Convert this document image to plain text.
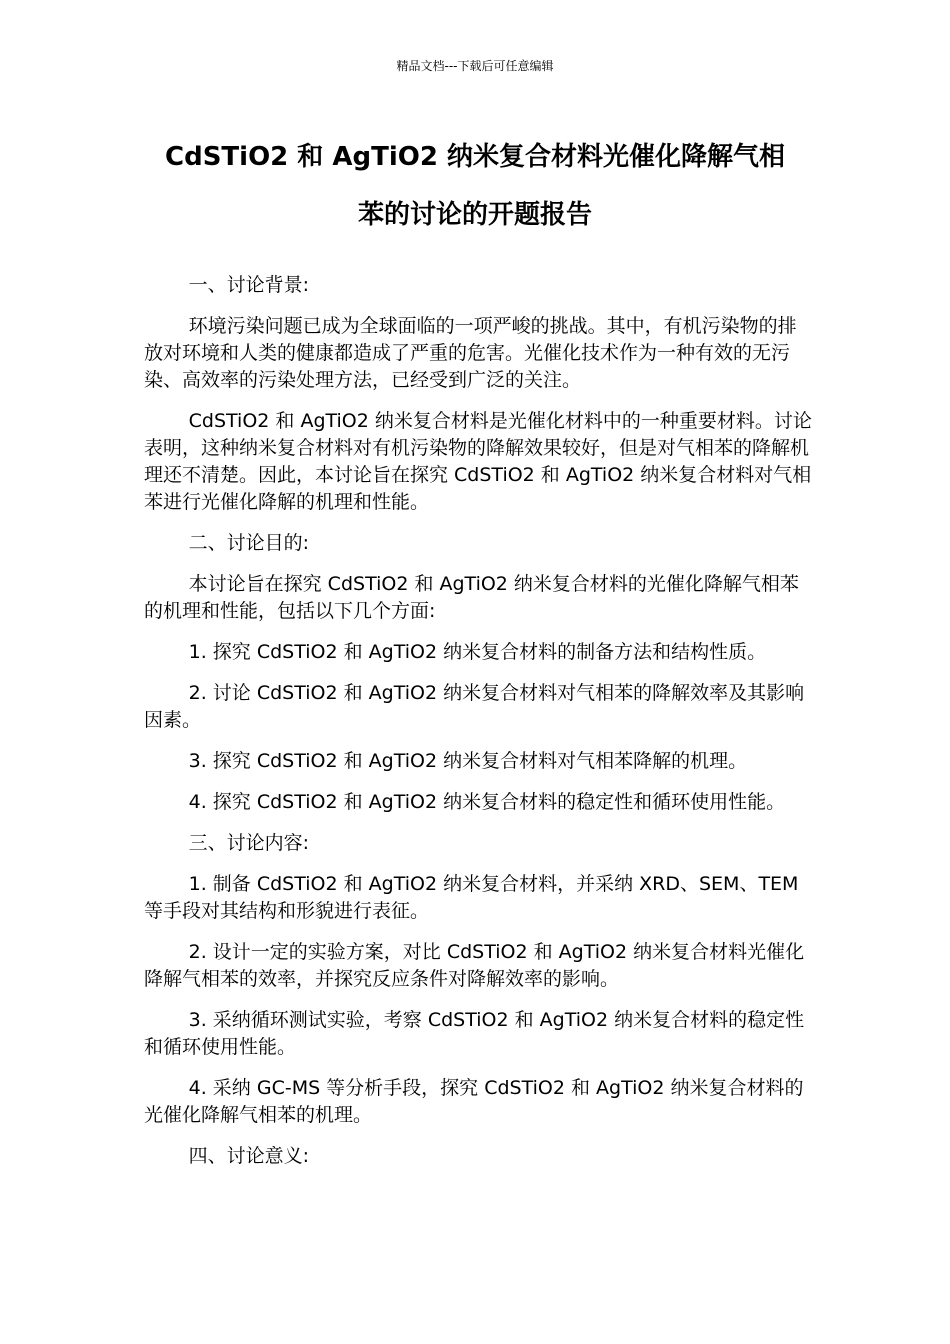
精品文档---下载后可任意编辑
CdSTiO2 和 AgTiO2 纳米复合材料光催化降解气相
苯的讨论的开题报告

一、讨论背景:

环境污染问题已成为全球面临的一项严峻的挑战。其中，有机污染物的排放对环境和人类的健康都造成了严重的危害。光催化技术作为一种有效的无污染、高效率的污染处理方法，已经受到广泛的关注。

CdSTiO2 和 AgTiO2 纳米复合材料是光催化材料中的一种重要材料。讨论表明，这种纳米复合材料对有机污染物的降解效果较好，但是对气相苯的降解机理还不清楚。因此，本讨论旨在探究 CdSTiO2 和 AgTiO2 纳米复合材料对气相苯进行光催化降解的机理和性能。

二、讨论目的:

本讨论旨在探究 CdSTiO2 和 AgTiO2 纳米复合材料的光催化降解气相苯的机理和性能，包括以下几个方面:

1. 探究 CdSTiO2 和 AgTiO2 纳米复合材料的制备方法和结构性质。

2. 讨论 CdSTiO2 和 AgTiO2 纳米复合材料对气相苯的降解效率及其影响因素。

3. 探究 CdSTiO2 和 AgTiO2 纳米复合材料对气相苯降解的机理。

4. 探究 CdSTiO2 和 AgTiO2 纳米复合材料的稳定性和循环使用性能。

三、讨论内容:

1. 制备 CdSTiO2 和 AgTiO2 纳米复合材料，并采纳 XRD、SEM、TEM 等手段对其结构和形貌进行表征。

2. 设计一定的实验方案，对比 CdSTiO2 和 AgTiO2 纳米复合材料光催化降解气相苯的效率，并探究反应条件对降解效率的影响。

3. 采纳循环测试实验，考察 CdSTiO2 和 AgTiO2 纳米复合材料的稳定性和循环使用性能。

4. 采纳 GC-MS 等分析手段，探究 CdSTiO2 和 AgTiO2 纳米复合材料的光催化降解气相苯的机理。

四、讨论意义:
